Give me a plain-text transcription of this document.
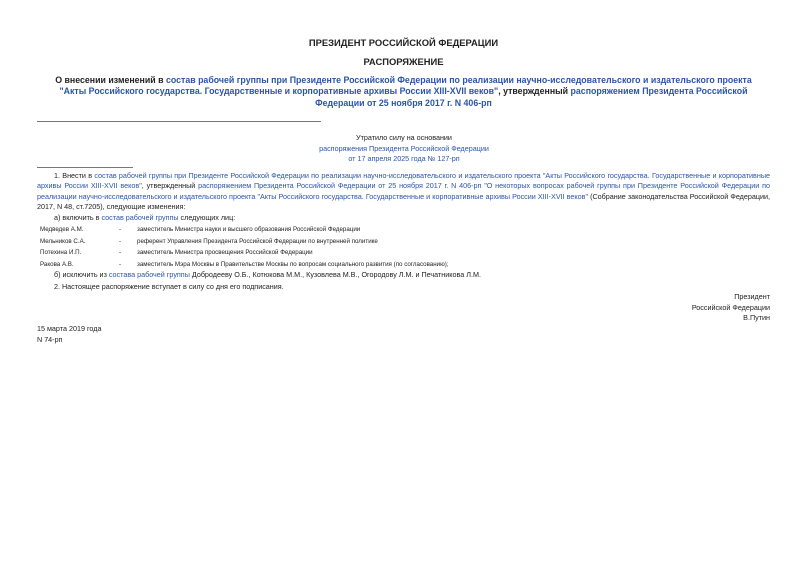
ПРЕЗИДЕНТ РОССИЙСКОЙ ФЕДЕРАЦИИ
РАСПОРЯЖЕНИЕ
О внесении изменений в состав рабочей группы при Президенте Российской Федерации по реализации научно-исследовательского и издательского проекта "Акты Российского государства. Государственные и корпоративные архивы России XIII-XVII веков", утвержденный распоряжением Президента Российской Федерации от 25 ноября 2017 г. N 406-рп
Утратило силу на основании
распоряжения Президента Российской Федерации
от 17 апреля 2025 года № 127-рп
1. Внести в состав рабочей группы при Президенте Российской Федерации по реализации научно-исследовательского и издательского проекта "Акты Российского государства. Государственные и корпоративные архивы России XIII-XVII веков", утвержденный распоряжением Президента Российской Федерации от 25 ноября 2017 г. N 406-рп "О некоторых вопросах рабочей группы при Президенте Российской Федерации по реализации научно-исследовательского и издательского проекта "Акты Российского государства. Государственные и корпоративные архивы России XIII-XVII веков" (Собрание законодательства Российской Федерации, 2017, N 48, ст.7205), следующие изменения:
а) включить в состав рабочей группы следующих лиц:
Медведев А.М.	-	заместитель Министра науки и высшего образования Российской Федерации
Мельников С.А.	-	референт Управления Президента Российской Федерации по внутренней политике
Потехина И.П.	-	заместитель Министра просвещения Российской Федерации
Ракова А.В.	-	заместитель Мэра Москвы в Правительстве Москвы по вопросам социального развития (по согласованию);
б) исключить из состава рабочей группы Добродееву О.Б., Котюкова М.М., Кузовлева М.В., Огородову Л.М. и Печатникова Л.М.
2. Настоящее распоряжение вступает в силу со дня его подписания.
Президент
Российской Федерации
В.Путин
15 марта 2019 года
N 74-рп
